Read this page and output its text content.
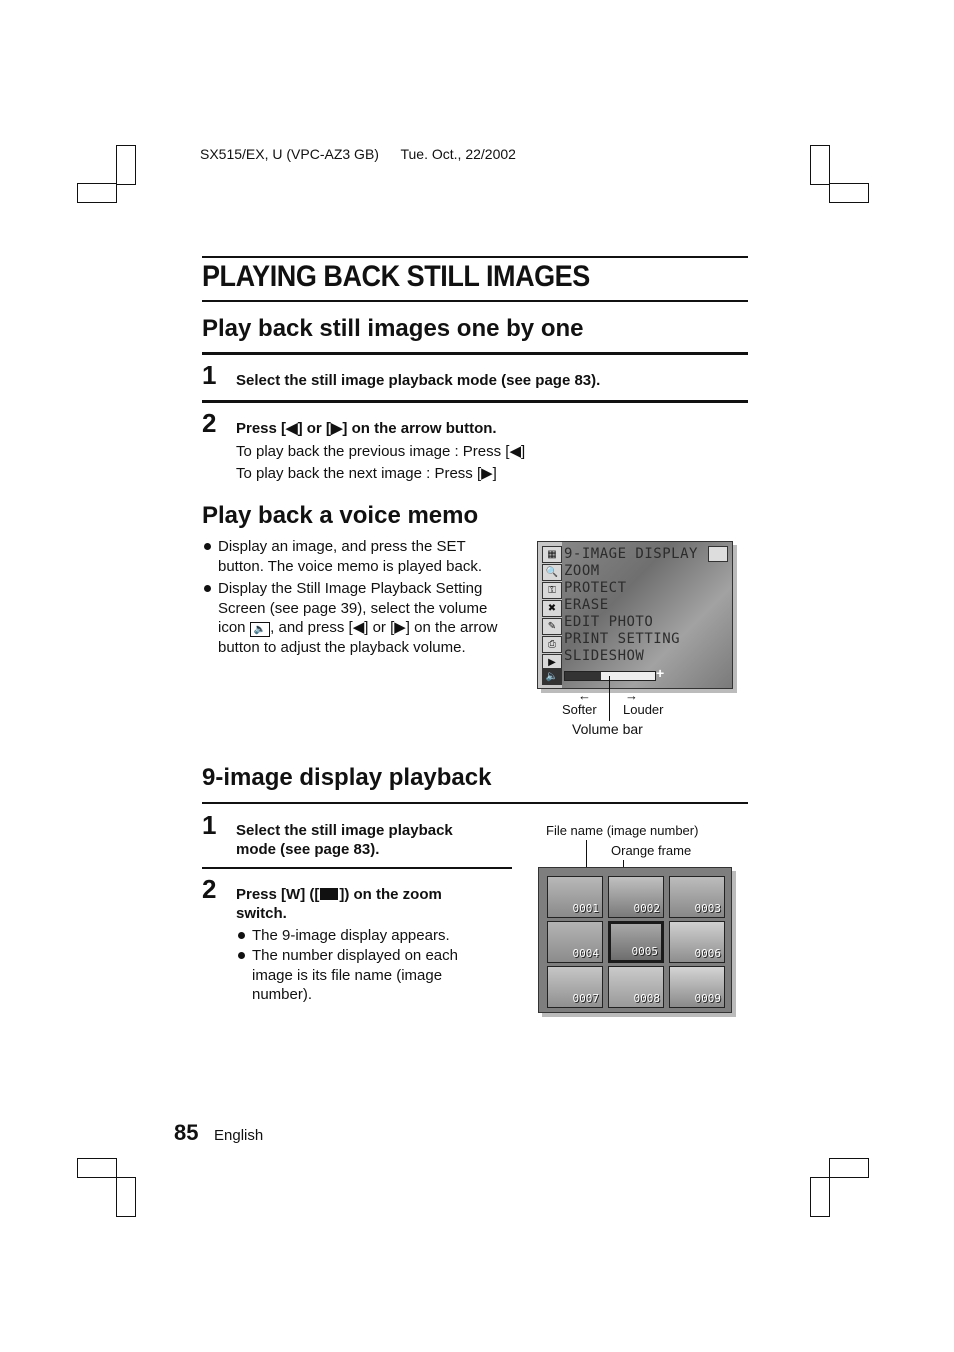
SX515/EX, U (VPC-AZ3 GB) Tue. Oct., 22/2002
PLAYING BACK STILL IMAGES
Play back still images one by one
1 Select the still image playback mode (see page 83).
2 Press [◀] or [▶] on the arrow button.
To play back the previous image : Press [◀]
To play back the next image : Press [▶]
Play back a voice memo
Display an image, and press the SET button. The voice memo is played back.
Display the Still Image Playback Setting Screen (see page 39), select the volume icon 🔈 , and press [◀] or [▶] on the arrow button to adjust the playback volume.
▦
🔍
⚿
✖
✎
⎙
▶
🔈
9-IMAGE DISPLAY
ZOOM
PROTECT
ERASE
EDIT PHOTO
PRINT SETTING
SLIDESHOW
+
←	→
Softer Louder
Volume bar
9-image display playback
1 Select the still image playback mode (see page 83).
2 Press [W] ([ ]) on the zoom switch.
The 9-image display appears.
The number displayed on each image is its file name (image number).
File name (image number)
Orange frame
0001	0002	0003
0004	0005	0006
0007	0008	0009
85 English
